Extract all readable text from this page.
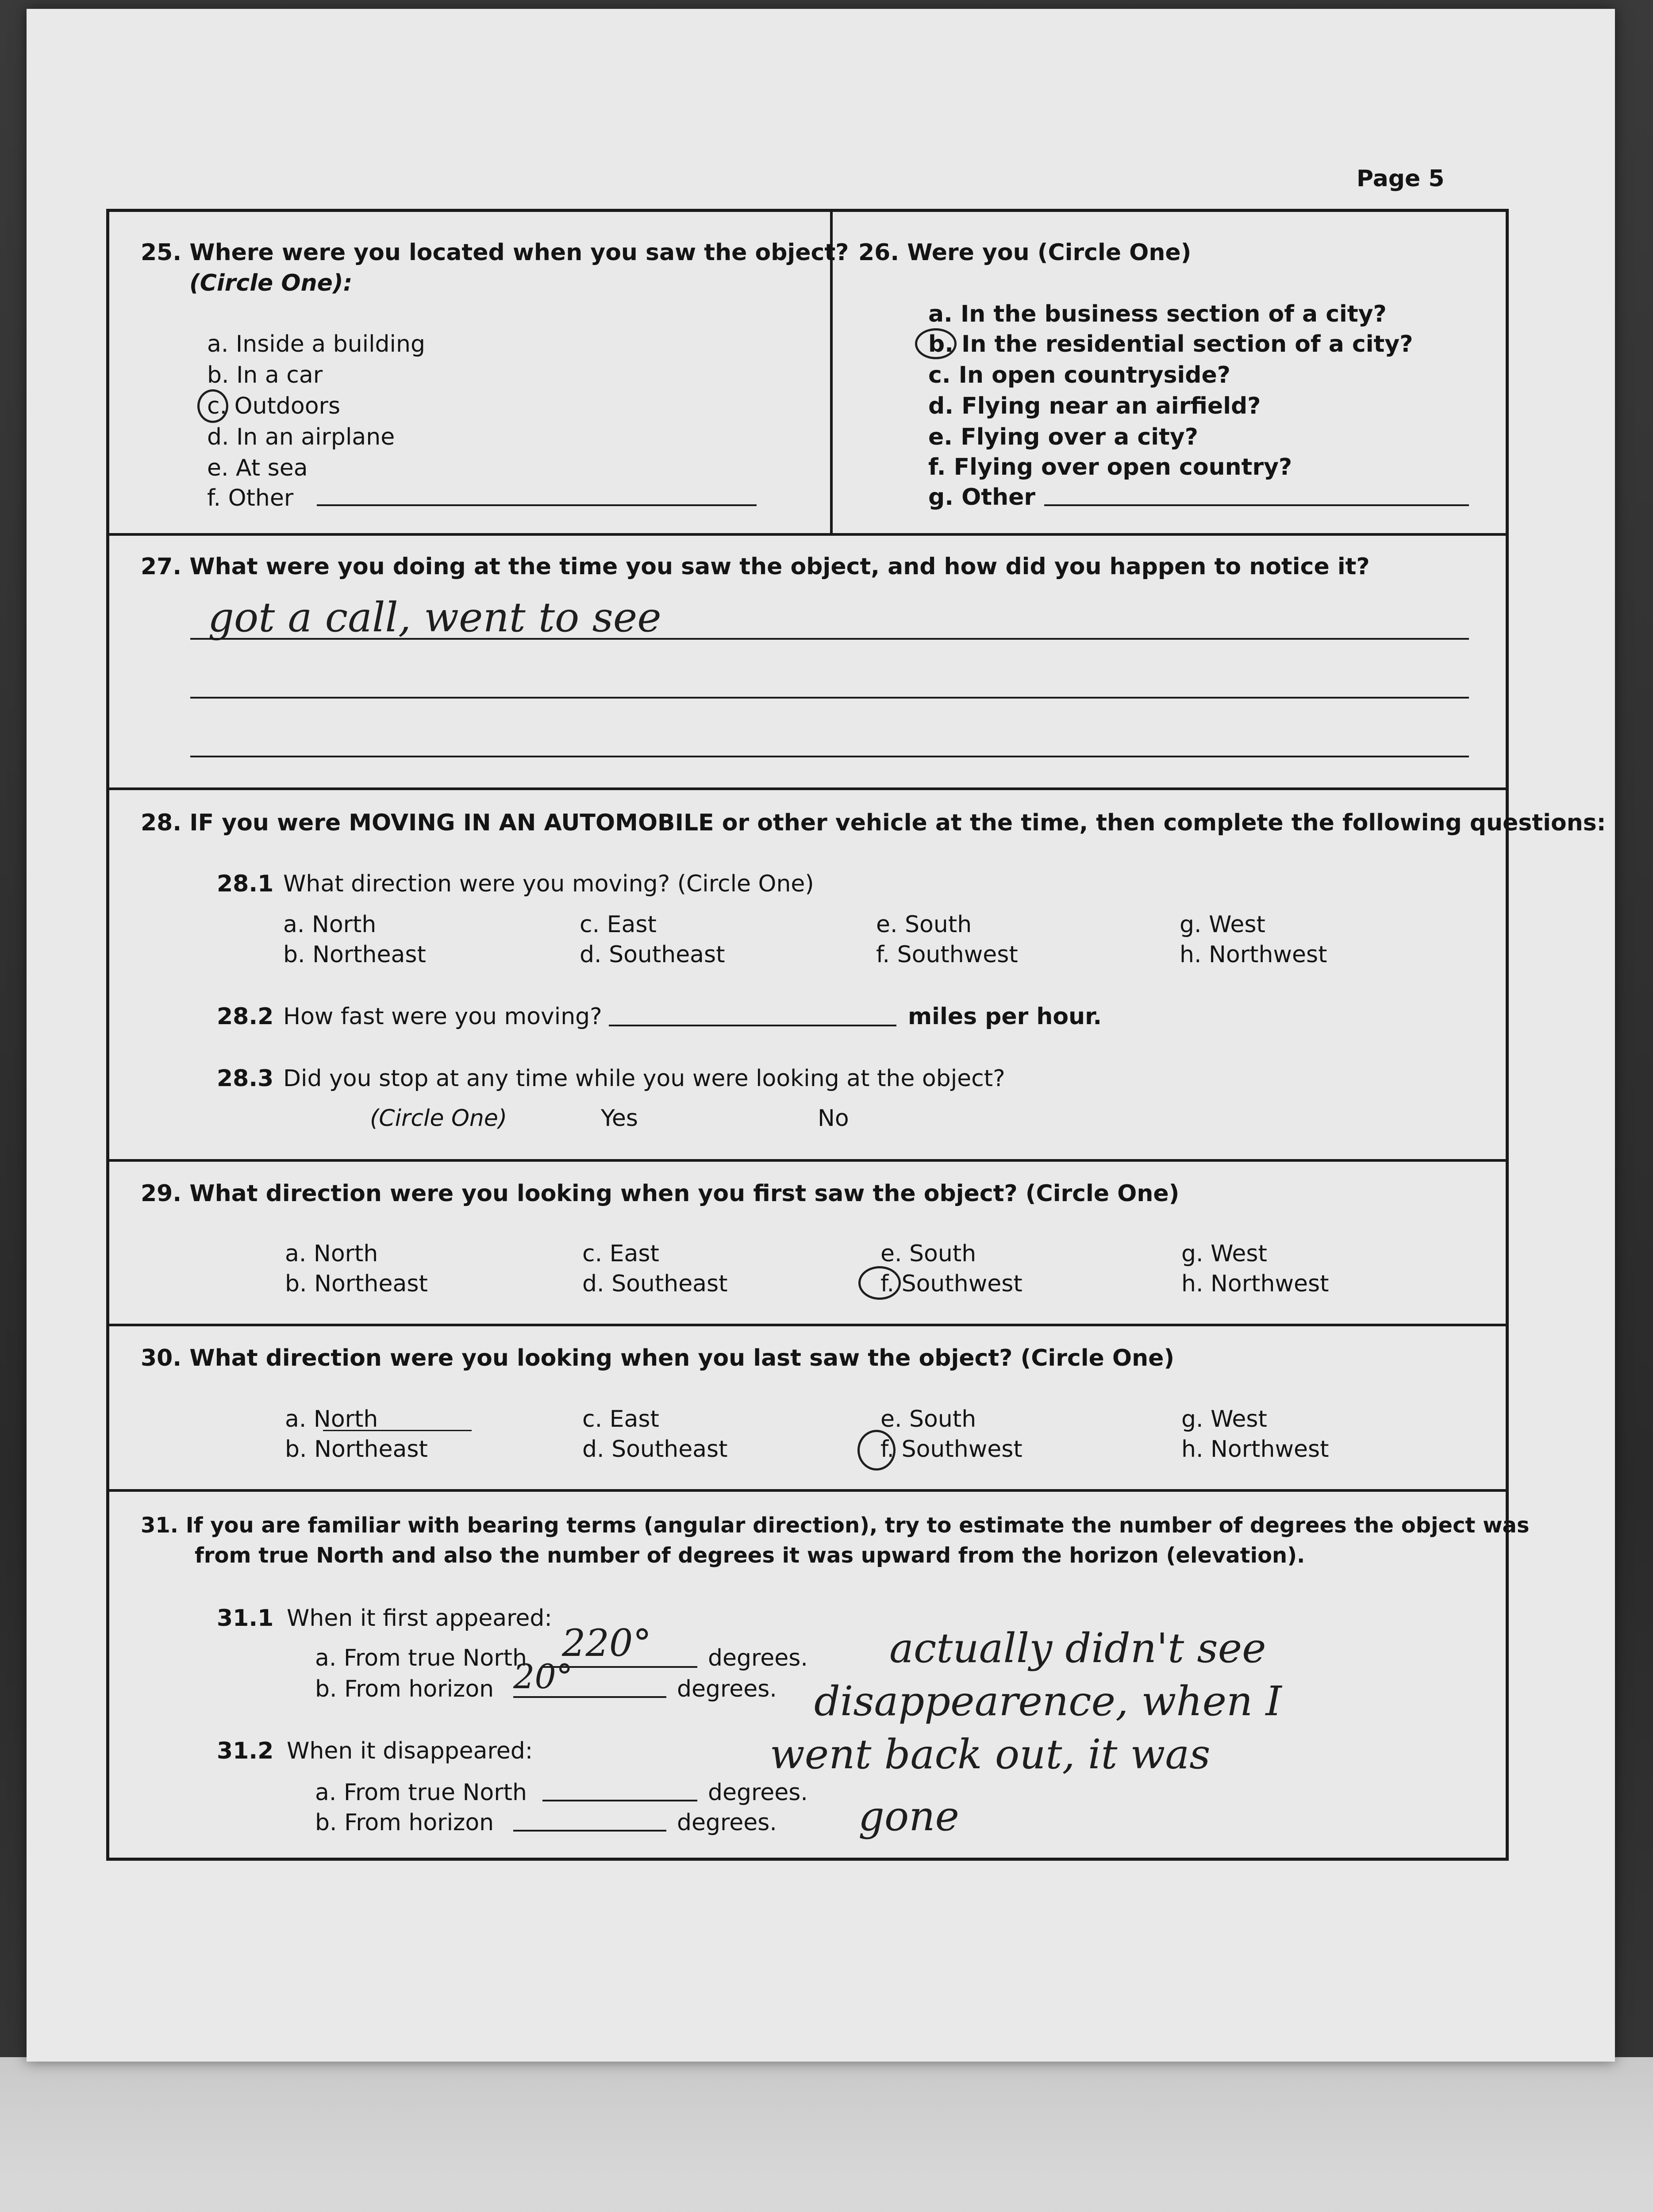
Page 5
25. Where were you located when you saw the object?
(Circle One):
a. Inside a building
b. In a car
c. Outdoors
d. In an airplane
e. At sea
f. Other
26. Were you (Circle One)
a. In the business section of a city?
b. In the residential section of a city?
c. In open countryside?
d. Flying near an airfield?
e. Flying over a city?
f. Flying over open country?
g. Other
27. What were you doing at the time you saw the object, and how did you happen to notice it?
got a call, went to see
28. IF you were MOVING IN AN AUTOMOBILE or other vehicle at the time, then complete the following questions:
28.1 What direction were you moving? (Circle One)
a. North
b. Northeast
c. East
d. Southeast
e. South
f. Southwest
g. West
h. Northwest
28.2 How fast were you moving?	miles per hour.
28.3 Did you stop at any time while you were looking at the object?
(Circle One)	Yes	No
29. What direction were you looking when you first saw the object? (Circle One)
a. North
b. Northeast
c. East
d. Southeast
e. South
f. Southwest
g. West
h. Northwest
30. What direction were you looking when you last saw the object? (Circle One)
a. North
b. Northeast
c. East
d. Southeast
e. South
f. Southwest
g. West
h. Northwest
31. If you are familiar with bearing terms (angular direction), try to estimate the number of degrees the object was
from true North and also the number of degrees it was upward from the horizon (elevation).
31.1 When it first appeared:
a. From true North 220° degrees.
b. From horizon 20°	degrees.
31.2 When it disappeared:
a. From true North	degrees.
b. From horizon	degrees.
actually didn't see
disappearence, when I
went back out, it was
gone
